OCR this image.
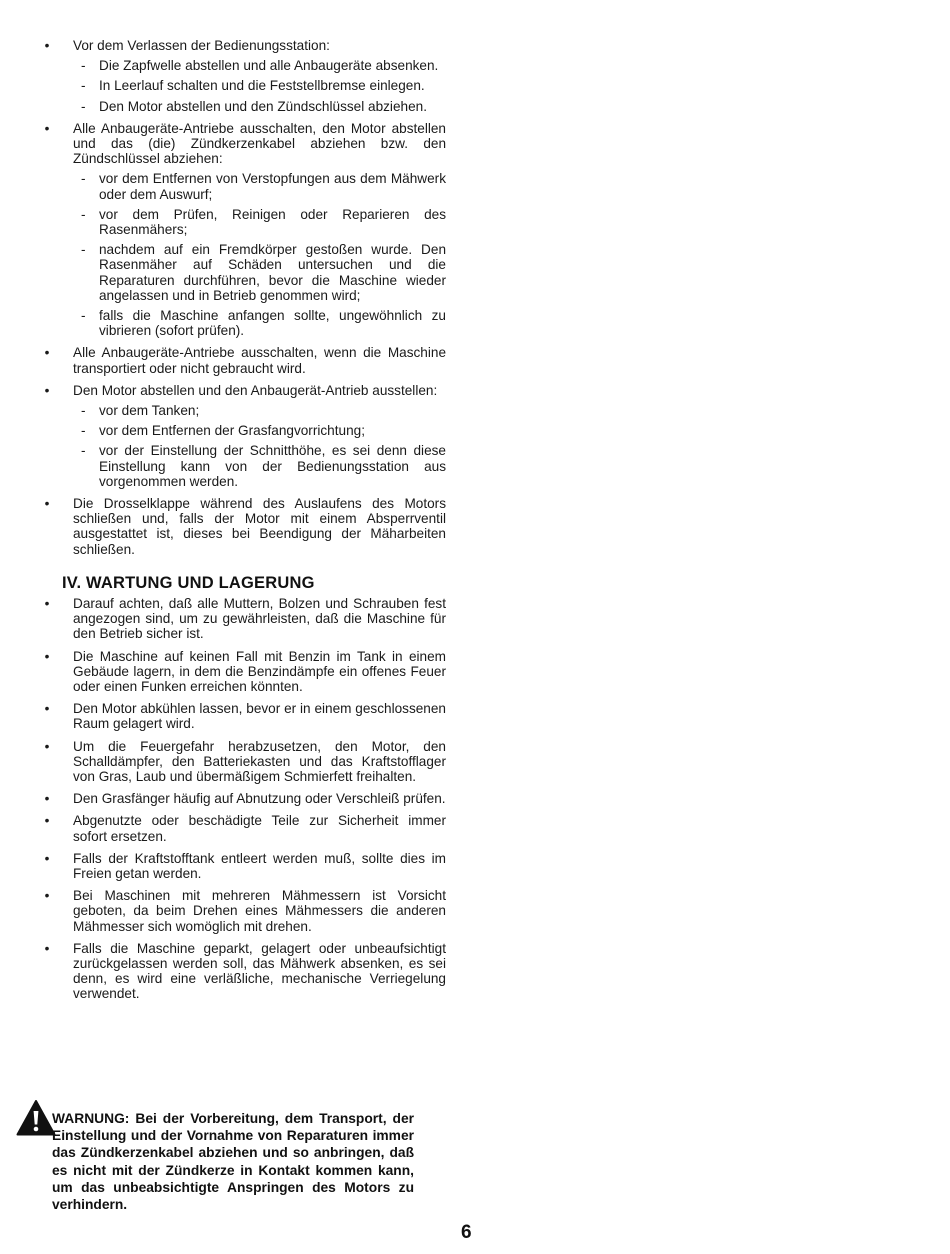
• Vor dem Verlassen der Bedienungsstation:
- Die Zapfwelle abstellen und alle Anbaugeräte absenken.
- In Leerlauf schalten und die Feststellbremse einlegen.
- Den Motor abstellen und den Zündschlüssel abziehen.
• Alle Anbaugeräte-Antriebe ausschalten, den Motor abstellen und das (die) Zündkerzenkabel abziehen bzw. den Zündschlüssel abziehen:
- vor dem Entfernen von Verstopfungen aus dem Mähwerk oder dem Auswurf;
- vor dem Prüfen, Reinigen oder Reparieren des Rasenmähers;
- nachdem auf ein Fremdkörper gestoßen wurde. Den Rasenmäher auf Schäden untersuchen und die Reparaturen durchführen, bevor die Maschine wieder angelassen und in Betrieb genommen wird;
- falls die Maschine anfangen sollte, ungewöhnlich zu vibrieren (sofort prüfen).
• Alle Anbaugeräte-Antriebe ausschalten, wenn die Maschine transportiert oder nicht gebraucht wird.
• Den Motor abstellen und den Anbaugerät-Antrieb ausstellen:
- vor dem Tanken;
- vor dem Entfernen der Grasfangvorrichtung;
- vor der Einstellung der Schnitthöhe, es sei denn diese Einstellung kann von der Bedienungsstation aus vorgenommen werden.
• Die Drosselklappe während des Auslaufens des Motors schließen und, falls der Motor mit einem Absperrventil ausgestattet ist, dieses bei Beendigung der Mäharbeiten schließen.
IV. WARTUNG UND LAGERUNG
• Darauf achten, daß alle Muttern, Bolzen und Schrauben fest angezogen sind, um zu gewährleisten, daß die Maschine für den Betrieb sicher ist.
• Die Maschine auf keinen Fall mit Benzin im Tank in einem Gebäude lagern, in dem die Benzindämpfe ein offenes Feuer oder einen Funken erreichen könnten.
• Den Motor abkühlen lassen, bevor er in einem geschlossenen Raum gelagert wird.
• Um die Feuergefahr herabzusetzen, den Motor, den Schalldämpfer, den Batteriekasten und das Kraftstofflager von Gras, Laub und übermäßigem Schmierfett freihalten.
• Den Grasfänger häufig auf Abnutzung oder Verschleiß prüfen.
• Abgenutzte oder beschädigte Teile zur Sicherheit immer sofort ersetzen.
• Falls der Kraftstofftank entleert werden muß, sollte dies im Freien getan werden.
• Bei Maschinen mit mehreren Mähmessern ist Vorsicht geboten, da beim Drehen eines Mähmessers die anderen Mähmesser sich womöglich mit drehen.
• Falls die Maschine geparkt, gelagert oder unbeaufsichtigt zurückgelassen werden soll, das Mähwerk absenken, es sei denn, es wird eine verläßliche, mechanische Verriegelung verwendet.
WARNUNG: Bei der Vorbereitung, dem Transport, der Einstellung und der Vornahme von Reparaturen immer das Zündkerzenkabel abziehen und so anbringen, daß es nicht mit der Zündkerze in Kontakt kommen kann, um das unbeabsichtigte Anspringen des Motors zu verhindern.
6
